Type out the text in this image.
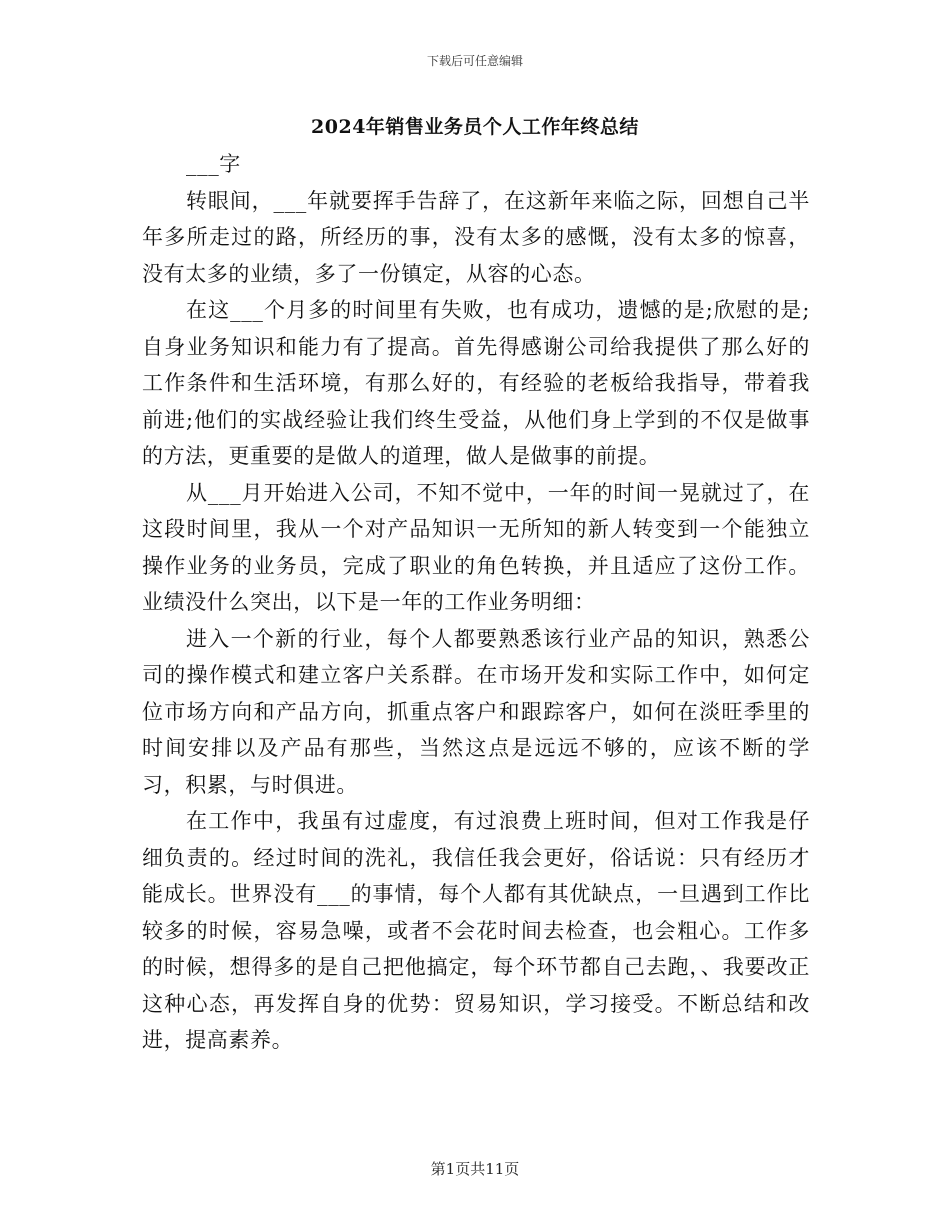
下载后可任意编辑
2024年销售业务员个人工作年终总结

___字

转眼间，___年就要挥手告辞了，在这新年来临之际，回想自己半年多所走过的路，所经历的事，没有太多的感慨，没有太多的惊喜，没有太多的业绩，多了一份镇定，从容的心态。

在这___个月多的时间里有失败，也有成功，遗憾的是;欣慰的是;自身业务知识和能力有了提高。首先得感谢公司给我提供了那么好的工作条件和生活环境，有那么好的，有经验的老板给我指导，带着我前进;他们的实战经验让我们终生受益，从他们身上学到的不仅是做事的方法，更重要的是做人的道理，做人是做事的前提。

从___月开始进入公司，不知不觉中，一年的时间一晃就过了，在这段时间里，我从一个对产品知识一无所知的新人转变到一个能独立操作业务的业务员，完成了职业的角色转换，并且适应了这份工作。业绩没什么突出，以下是一年的工作业务明细：

进入一个新的行业，每个人都要熟悉该行业产品的知识，熟悉公司的操作模式和建立客户关系群。在市场开发和实际工作中，如何定位市场方向和产品方向，抓重点客户和跟踪客户，如何在淡旺季里的时间安排以及产品有那些，当然这点是远远不够的，应该不断的学习，积累，与时俱进。

在工作中，我虽有过虚度，有过浪费上班时间，但对工作我是仔细负责的。经过时间的洗礼，我信任我会更好，俗话说：只有经历才能成长。世界没有___的事情，每个人都有其优缺点，一旦遇到工作比较多的时候，容易急噪，或者不会花时间去检查，也会粗心。工作多的时候，想得多的是自己把他搞定，每个环节都自己去跑，、我要改正这种心态，再发挥自身的优势：贸易知识，学习接受。不断总结和改进，提高素养。

第1页共11页
